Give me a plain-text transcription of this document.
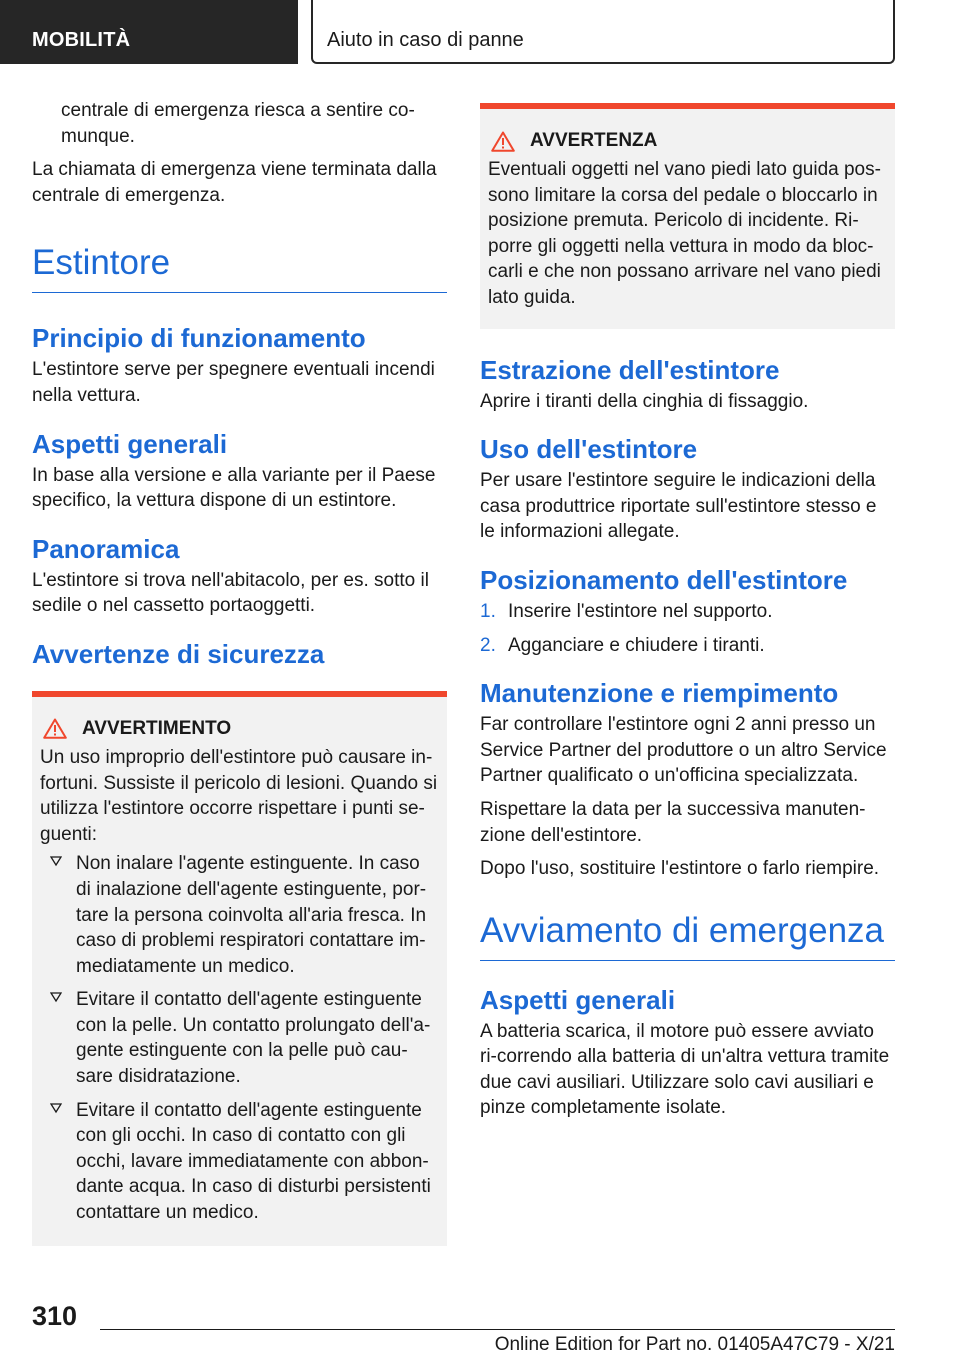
MOBILITÀ	Aiuto in caso di panne

centrale di emergenza riesca a sentire co-munque.

La chiamata di emergenza viene terminata dalla centrale di emergenza.

Estintore
Principio di funzionamento

L'estintore serve per spegnere eventuali incendi nella vettura.

Aspetti generali

In base alla versione e alla variante per il Paese specifico, la vettura dispone di un estintore.

Panoramica

L'estintore si trova nell'abitacolo, per es. sotto il sedile o nel cassetto portaoggetti.

Avvertenze di sicurezza
AVVERTIMENTO

Un uso improprio dell'estintore può causare in-fortuni. Sussiste il pericolo di lesioni. Quando si utilizza l'estintore occorre rispettare i punti se-guenti:

Non inalare l'agente estinguente. In caso di inalazione dell'agente estinguente, por-tare la persona coinvolta all'aria fresca. In caso di problemi respiratori contattare im-mediatamente un medico.
Evitare il contatto dell'agente estinguente con la pelle. Un contatto prolungato dell'a-gente estinguente con la pelle può cau-sare disidratazione.
Evitare il contatto dell'agente estinguente con gli occhi. In caso di contatto con gli occhi, lavare immediatamente con abbon-dante acqua. In caso di disturbi persistenti contattare un medico.
AVVERTENZA

Eventuali oggetti nel vano piedi lato guida pos-sono limitare la corsa del pedale o bloccarlo in posizione premuta. Pericolo di incidente. Ri-porre gli oggetti nella vettura in modo da bloc-carli e che non possano arrivare nel vano piedi lato guida.

Estrazione dell'estintore

Aprire i tiranti della cinghia di fissaggio.

Uso dell'estintore

Per usare l'estintore seguire le indicazioni della casa produttrice riportate sull'estintore stesso e le informazioni allegate.

Posizionamento dell'estintore
1. Inserire l'estintore nel supporto.
2. Agganciare e chiudere i tiranti.
Manutenzione e riempimento

Far controllare l'estintore ogni 2 anni presso un Service Partner del produttore o un altro Service Partner qualificato o un'officina specializzata.

Rispettare la data per la successiva manuten-zione dell'estintore.

Dopo l'uso, sostituire l'estintore o farlo riempire.

Avviamento di emergenza
Aspetti generali

A batteria scarica, il motore può essere avviato ri-correndo alla batteria di un'altra vettura tramite due cavi ausiliari. Utilizzare solo cavi ausiliari e pinze completamente isolate.

310
Online Edition for Part no. 01405A47C79 - X/21
